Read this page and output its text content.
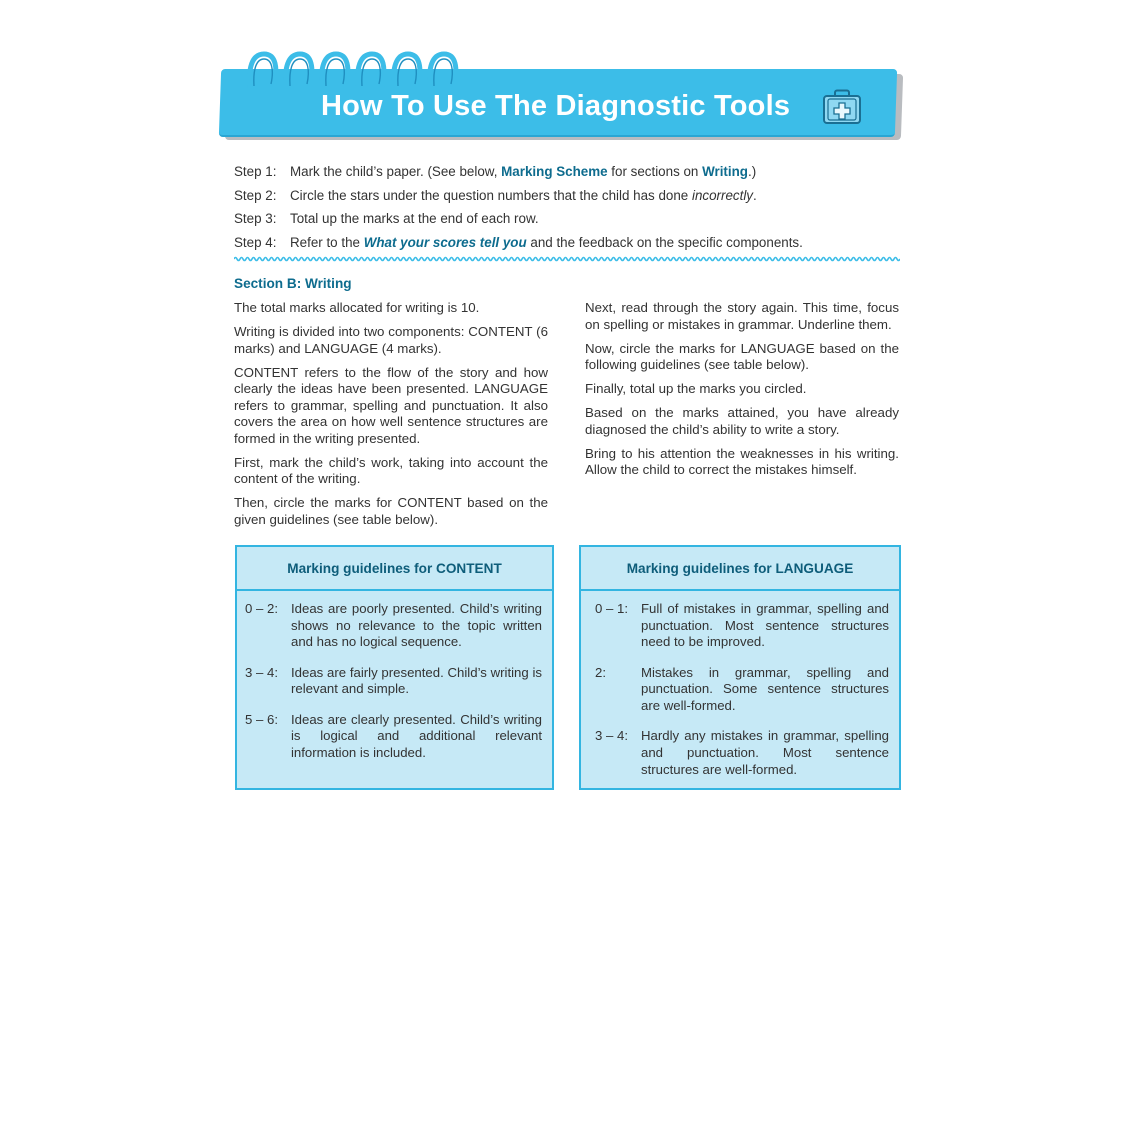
How To Use The Diagnostic Tools
Step 1:	Mark the child’s paper. (See below, Marking Scheme for sections on Writing.)
Step 2:	Circle the stars under the question numbers that the child has done incorrectly.
Step 3:	Total up the marks at the end of each row.
Step 4:	Refer to the What your scores tell you and the feedback on the specific components.
Section B: Writing

The total marks allocated for writing is 10.

Writing is divided into two components: CONTENT (6 marks) and LANGUAGE (4 marks).

CONTENT refers to the flow of the story and how clearly the ideas have been presented. LANGUAGE refers to grammar, spelling and punctuation. It also covers the area on how well sentence structures are formed in the writing presented.

First, mark the child’s work, taking into account the content of the writing.

Then, circle the marks for CONTENT based on the given guidelines (see table below).

Next, read through the story again. This time, focus on spelling or mistakes in grammar. Underline them.

Now, circle the marks for LANGUAGE based on the following guidelines (see table below).

Finally, total up the marks you circled.

Based on the marks attained, you have already diagnosed the child’s ability to write a story.

Bring to his attention the weaknesses in his writing. Allow the child to correct the mistakes himself.

Marking guidelines for CONTENT
0 – 2: Ideas are poorly presented. Child’s writing shows no relevance to the topic written and has no logical sequence.
3 – 4: Ideas are fairly presented. Child’s writing is relevant and simple.
5 – 6: Ideas are clearly presented. Child’s writing is logical and additional relevant information is included.
Marking guidelines for LANGUAGE
0 – 1: Full of mistakes in grammar, spelling and punctuation. Most sentence structures need to be improved.
2:	Mistakes in grammar, spelling and punctuation. Some sentence structures are well-formed.
3 – 4: Hardly any mistakes in grammar, spelling and punctuation. Most sentence structures are well-formed.
